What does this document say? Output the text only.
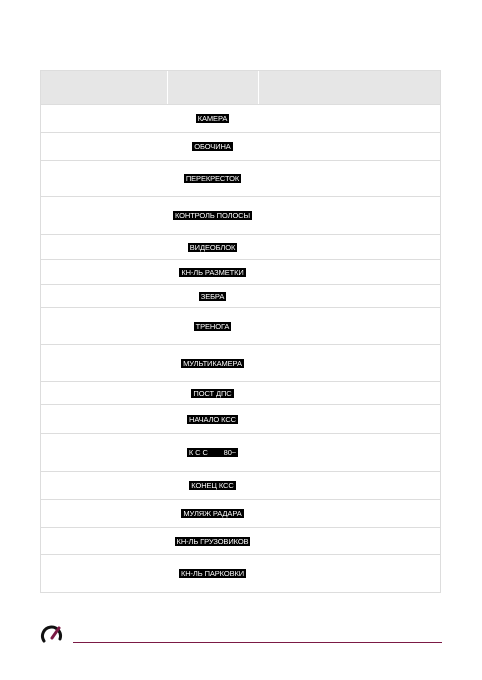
КАМЕРА
ОБОЧИНА
ПЕРЕКРЕСТОК
КОНТРОЛЬ ПОЛОСЫ
ВИДЕОБЛОК
КН-ЛЬ РАЗМЕТКИ
ЗЕБРА
ТРЕНОГА
МУЛЬТИКАМЕРА
ПОСТ ДПС
НАЧАЛО КСС
К С С        80~
КОНЕЦ КСС
МУЛЯЖ РАДАРА
КН-ЛЬ ГРУЗОВИКОВ
КН-ЛЬ ПАРКОВКИ
